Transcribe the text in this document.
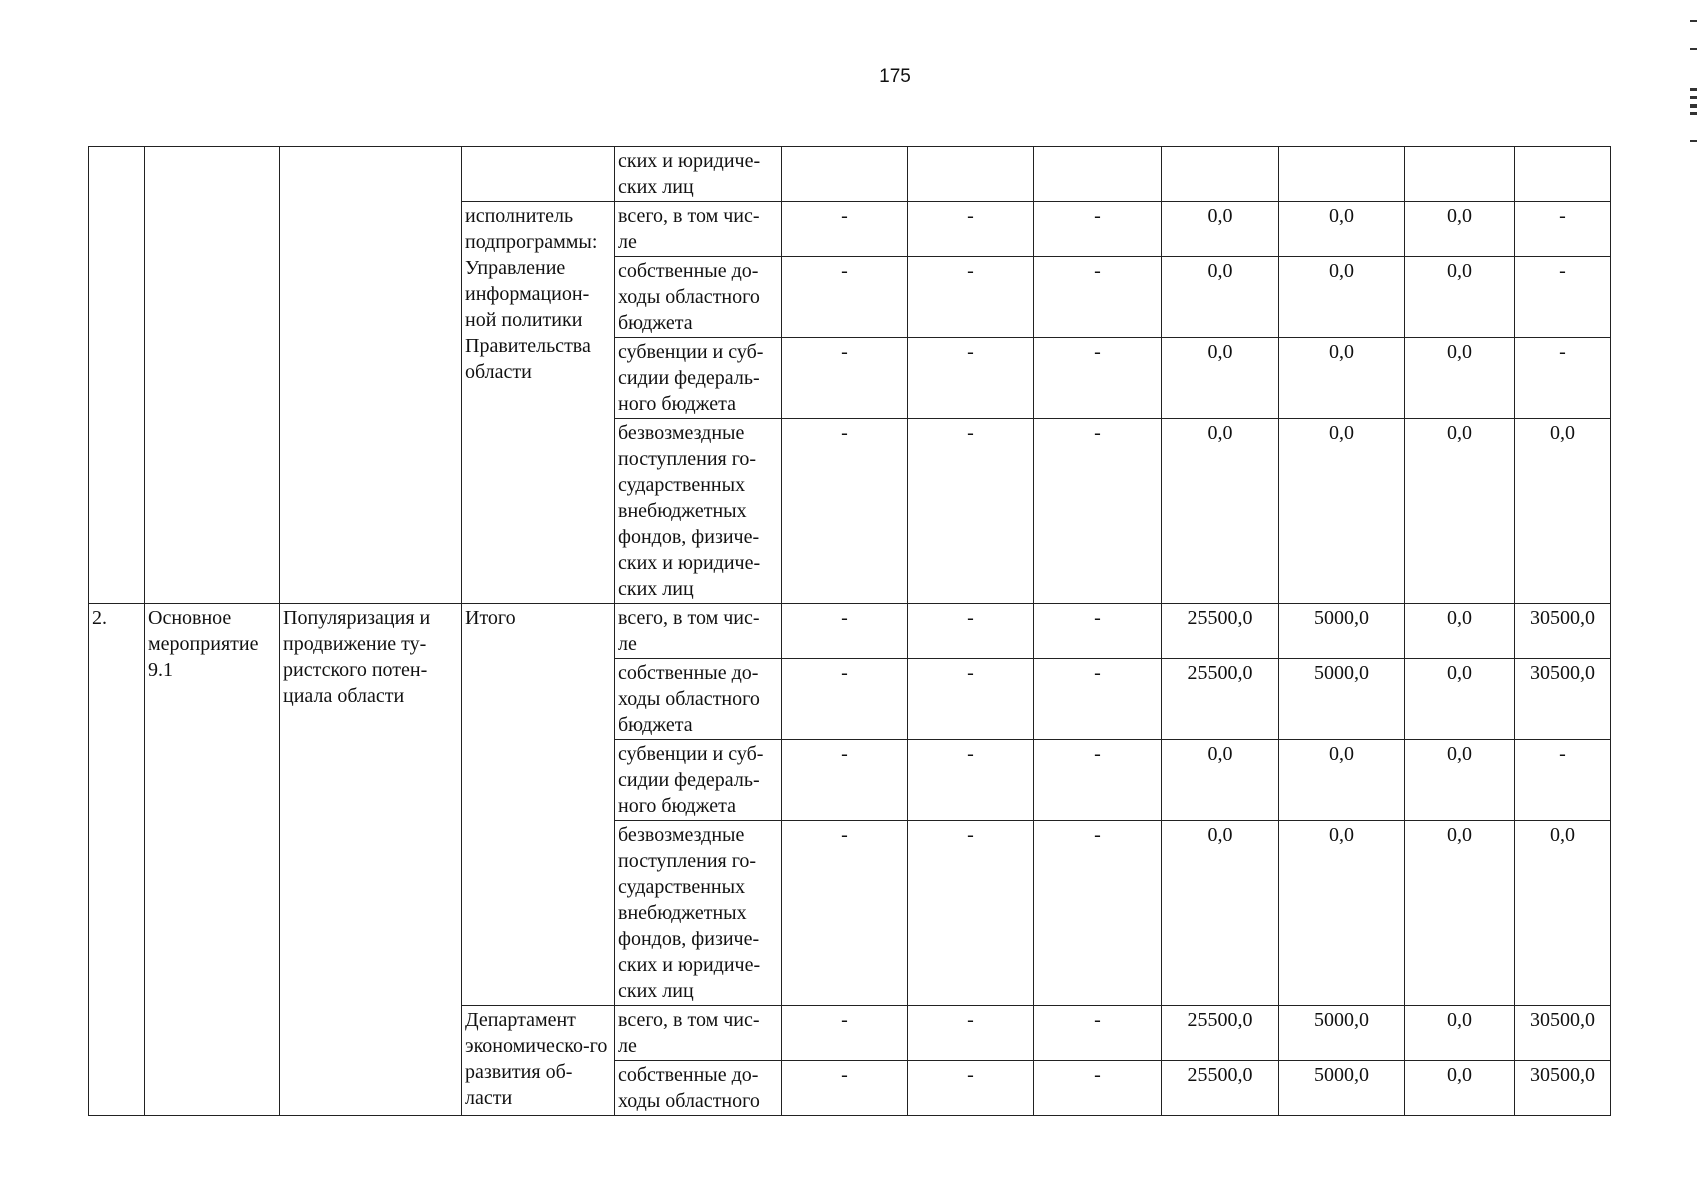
175
				ских и юридиче-ских лиц							
			исполнитель подпрограммы: Управление информацион-ной политики Правительства области	всего, в том чис-ле	-	-	-	0,0	0,0	0,0	-
				собственные до-ходы областного бюджета	-	-	-	0,0	0,0	0,0	-
				субвенции и суб-сидии федераль-ного бюджета	-	-	-	0,0	0,0	0,0	-
				безвозмездные поступления го-сударственных внебюджетных фондов, физиче-ских и юридиче-ских лиц	-	-	-	0,0	0,0	0,0	0,0
2.	Основное мероприятие 9.1	Популяризация и продвижение ту-ристского потен-циала области	Итого	всего, в том чис-ле	-	-	-	25500,0	5000,0	0,0	30500,0
				собственные до-ходы областного бюджета	-	-	-	25500,0	5000,0	0,0	30500,0
				субвенции и суб-сидии федераль-ного бюджета	-	-	-	0,0	0,0	0,0	-
				безвозмездные поступления го-сударственных внебюджетных фондов, физиче-ских и юридиче-ских лиц	-	-	-	0,0	0,0	0,0	0,0
			Департамент экономическо-го развития об-ласти	всего, в том чис-ле	-	-	-	25500,0	5000,0	0,0	30500,0
				собственные до-ходы областного	-	-	-	25500,0	5000,0	0,0	30500,0
